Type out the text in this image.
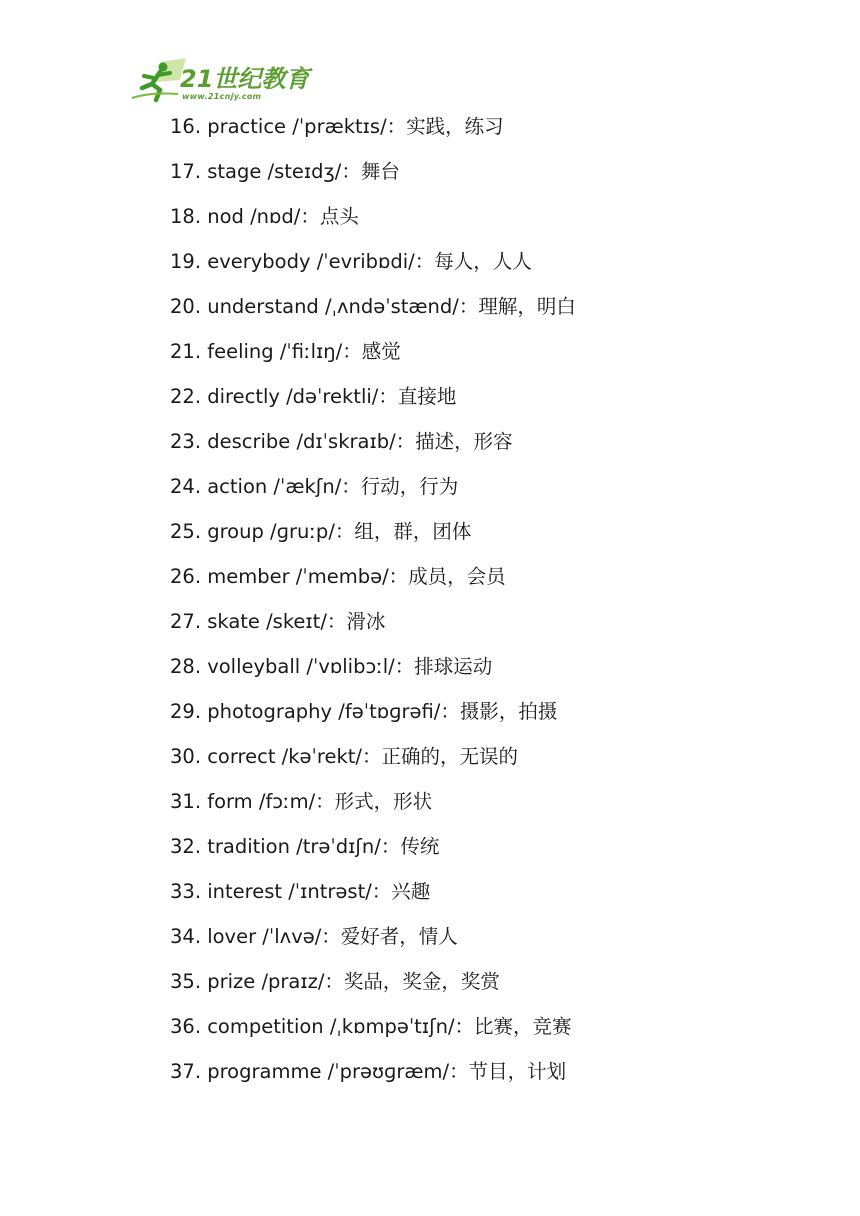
21世纪教育
www.21cnjy.com
16. practice /ˈpræktɪs/：实践，练习
17. stage /steɪdʒ/：舞台
18. nod /nɒd/：点头
19. everybody /ˈevribɒdi/：每人，人人
20. understand /ˌʌndəˈstænd/：理解，明白
21. feeling /ˈfiːlɪŋ/：感觉
22. directly /dəˈrektli/：直接地
23. describe /dɪˈskraɪb/：描述，形容
24. action /ˈækʃn/：行动，行为
25. group /ɡruːp/：组，群，团体
26. member /ˈmembə/：成员，会员
27. skate /skeɪt/：滑冰
28. volleyball /ˈvɒlibɔːl/：排球运动
29. photography /fəˈtɒɡrəfi/：摄影，拍摄
30. correct /kəˈrekt/：正确的，无误的
31. form /fɔːm/：形式，形状
32. tradition /trəˈdɪʃn/：传统
33. interest /ˈɪntrəst/：兴趣
34. lover /ˈlʌvə/：爱好者，情人
35. prize /praɪz/：奖品，奖金，奖赏
36. competition /ˌkɒmpəˈtɪʃn/：比赛，竞赛
37. programme /ˈprəʊɡræm/：节目，计划
